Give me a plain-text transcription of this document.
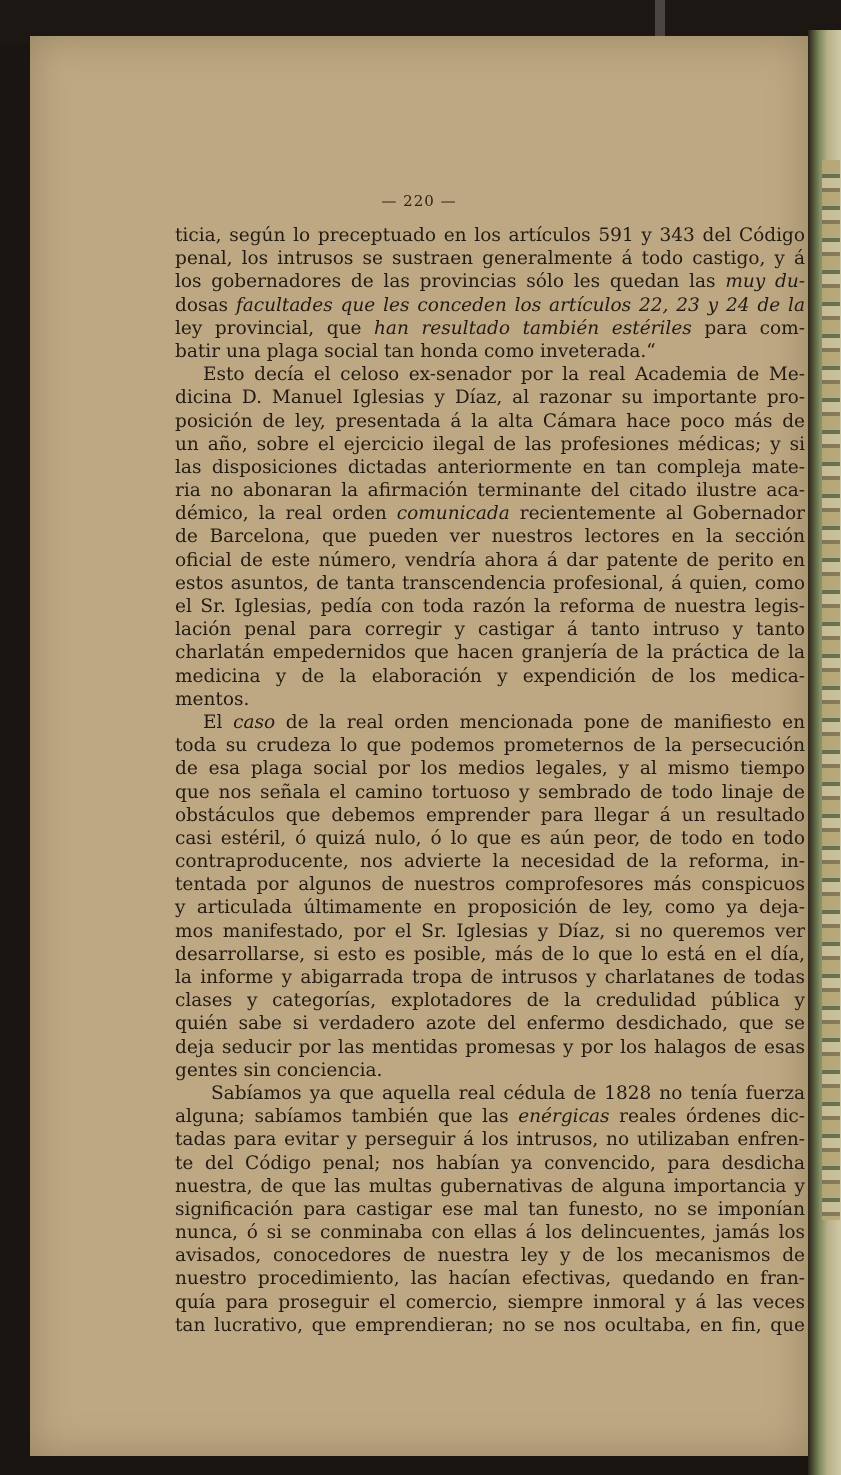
— 220 —
ticia, según lo preceptuado en los artículos 591 y 343 del Código
penal, los intrusos se sustraen generalmente á todo castigo, y á
los gobernadores de las provincias sólo les quedan las muy du-
dosas facultades que les conceden los artículos 22, 23 y 24 de la
ley provincial, que han resultado también estériles para com-
batir una plaga social tan honda como inveterada.“
Esto decía el celoso ex-senador por la real Academia de Me-
dicina D. Manuel Iglesias y Díaz, al razonar su importante pro-
posición de ley, presentada á la alta Cámara hace poco más de
un año, sobre el ejercicio ilegal de las profesiones médicas; y si
las disposiciones dictadas anteriormente en tan compleja mate-
ria no abonaran la afirmación terminante del citado ilustre aca-
démico, la real orden comunicada recientemente al Gobernador
de Barcelona, que pueden ver nuestros lectores en la sección
oficial de este número, vendría ahora á dar patente de perito en
estos asuntos, de tanta transcendencia profesional, á quien, como
el Sr. Iglesias, pedía con toda razón la reforma de nuestra legis-
lación penal para corregir y castigar á tanto intruso y tanto
charlatán empedernidos que hacen granjería de la práctica de la
medicina y de la elaboración y expendición de los medica-
mentos.
El caso de la real orden mencionada pone de manifiesto en
toda su crudeza lo que podemos prometernos de la persecución
de esa plaga social por los medios legales, y al mismo tiempo
que nos señala el camino tortuoso y sembrado de todo linaje de
obstáculos que debemos emprender para llegar á un resultado
casi estéril, ó quizá nulo, ó lo que es aún peor, de todo en todo
contraproducente, nos advierte la necesidad de la reforma, in-
tentada por algunos de nuestros comprofesores más conspicuos
y articulada últimamente en proposición de ley, como ya deja-
mos manifestado, por el Sr. Iglesias y Díaz, si no queremos ver
desarrollarse, si esto es posible, más de lo que lo está en el día,
la informe y abigarrada tropa de intrusos y charlatanes de todas
clases y categorías, explotadores de la credulidad pública y
quién sabe si verdadero azote del enfermo desdichado, que se
deja seducir por las mentidas promesas y por los halagos de esas
gentes sin conciencia.
Sabíamos ya que aquella real cédula de 1828 no tenía fuerza
alguna; sabíamos también que las enérgicas reales órdenes dic-
tadas para evitar y perseguir á los intrusos, no utilizaban enfren-
te del Código penal; nos habían ya convencido, para desdicha
nuestra, de que las multas gubernativas de alguna importancia y
significación para castigar ese mal tan funesto, no se imponían
nunca, ó si se conminaba con ellas á los delincuentes, jamás los
avisados, conocedores de nuestra ley y de los mecanismos de
nuestro procedimiento, las hacían efectivas, quedando en fran-
quía para proseguir el comercio, siempre inmoral y á las veces
tan lucrativo, que emprendieran; no se nos ocultaba, en fin, que
